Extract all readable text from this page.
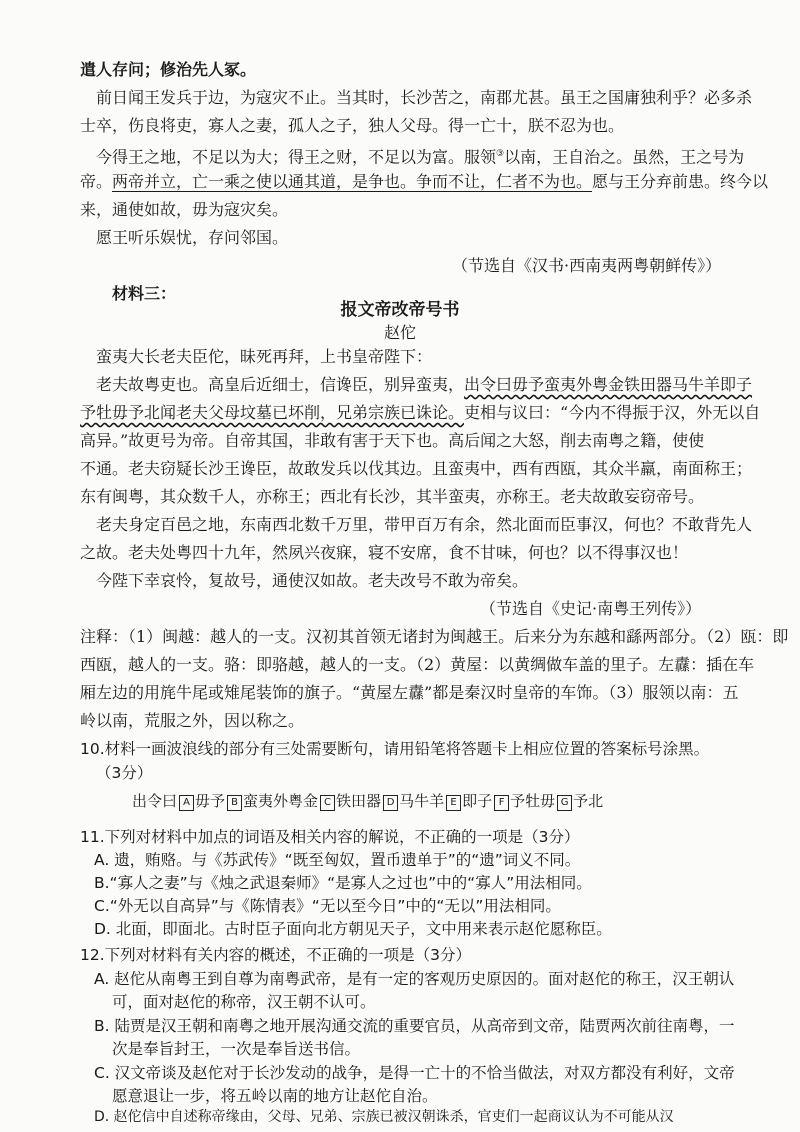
遣人存问；修治先人冢。
前日闻王发兵于边，为寇灾不止。当其时，长沙苦之，南郡尤甚。虽王之国庸独利乎？必多杀
士卒，伤良将吏，寡人之妻，孤人之子，独人父母。得一亡十，朕不忍为也。
今得王之地，不足以为大；得王之财，不足以为富。服领③以南，王自治之。虽然，王之号为
帝。两帝并立，亡一乘之使以通其道，是争也。争而不让，仁者不为也。愿与王分弃前患。终今以
来，通使如故，毋为寇灾矣。
愿王听乐娱忧，存问邻国。
（节选自《汉书·西南夷两粤朝鲜传》）
材料三：
报文帝改帝号书
赵佗
蛮夷大长老夫臣佗，昧死再拜，上书皇帝陛下：
老夫故粤吏也。高皇后近细士，信谗臣，别异蛮夷，出令曰毋予蛮夷外粤金铁田器马牛羊即子
予牡毋予北闻老夫父母坟墓已坏削，兄弟宗族已诛论。吏相与议曰：“今内不得振于汉，外无以自
高异。”故更号为帝。自帝其国，非敢有害于天下也。高后闻之大怒，削去南粤之籍，使使
不通。老夫窃疑长沙王谗臣，故敢发兵以伐其边。且蛮夷中，西有西瓯，其众半羸，南面称王；
东有闽粤，其众数千人，亦称王；西北有长沙，其半蛮夷，亦称王。老夫故敢妄窃帝号。
老夫身定百邑之地，东南西北数千万里，带甲百万有余，然北面而臣事汉，何也？不敢背先人
之故。老夫处粤四十九年，然夙兴夜寐，寝不安席，食不甘味，何也？以不得事汉也！
今陛下幸哀怜，复故号，通使汉如故。老夫改号不敢为帝矣。
（节选自《史记·南粤王列传》）
注释：（1）闽越：越人的一支。汉初其首领无诸封为闽越王。后来分为东越和繇两部分。（2）瓯：即
西瓯，越人的一支。骆：即骆越，越人的一支。（2）黄屋：以黄绸做车盖的里子。左纛：插在车
厢左边的用旄牛尾或雉尾装饰的旗子。“黄屋左纛”都是秦汉时皇帝的车饰。（3）服领以南：五
岭以南，荒服之外，因以称之。
10.材料一画波浪线的部分有三处需要断句，请用铅笔将答题卡上相应位置的答案标号涂黑。
（3分）
出令曰 A 毋予 B 蛮夷外粤金 C 铁田器 D 马牛羊 E 即子 F 予牡毋 G 予北
11.下列对材料中加点的词语及相关内容的解说，不正确的一项是（3分）
A. 遗，贿赂。与《苏武传》“既至匈奴，置币遗单于”的“遗”词义不同。
B.“寡人之妻”与《烛之武退秦师》“是寡人之过也”中的“寡人”用法相同。
C.“外无以自高异”与《陈情表》“无以至今日”中的“无以”用法相同。
D. 北面，即面北。古时臣子面向北方朝见天子，文中用来表示赵佗愿称臣。
12.下列对材料有关内容的概述，不正确的一项是（3分）
A. 赵佗从南粤王到自尊为南粤武帝，是有一定的客观历史原因的。面对赵佗的称王，汉王朝认
可，面对赵佗的称帝，汉王朝不认可。
B. 陆贾是汉王朝和南粤之地开展沟通交流的重要官员，从高帝到文帝，陆贾两次前往南粤，一
次是奉旨封王，一次是奉旨送书信。
C. 汉文帝谈及赵佗对于长沙发动的战争，是得一亡十的不恰当做法，对双方都没有利好，文帝
愿意退让一步，将五岭以南的地方让赵佗自治。
D. 赵佗信中自述称帝缘由，父母、兄弟、宗族已被汉朝诛杀，官吏们一起商议认为不可能从汉
